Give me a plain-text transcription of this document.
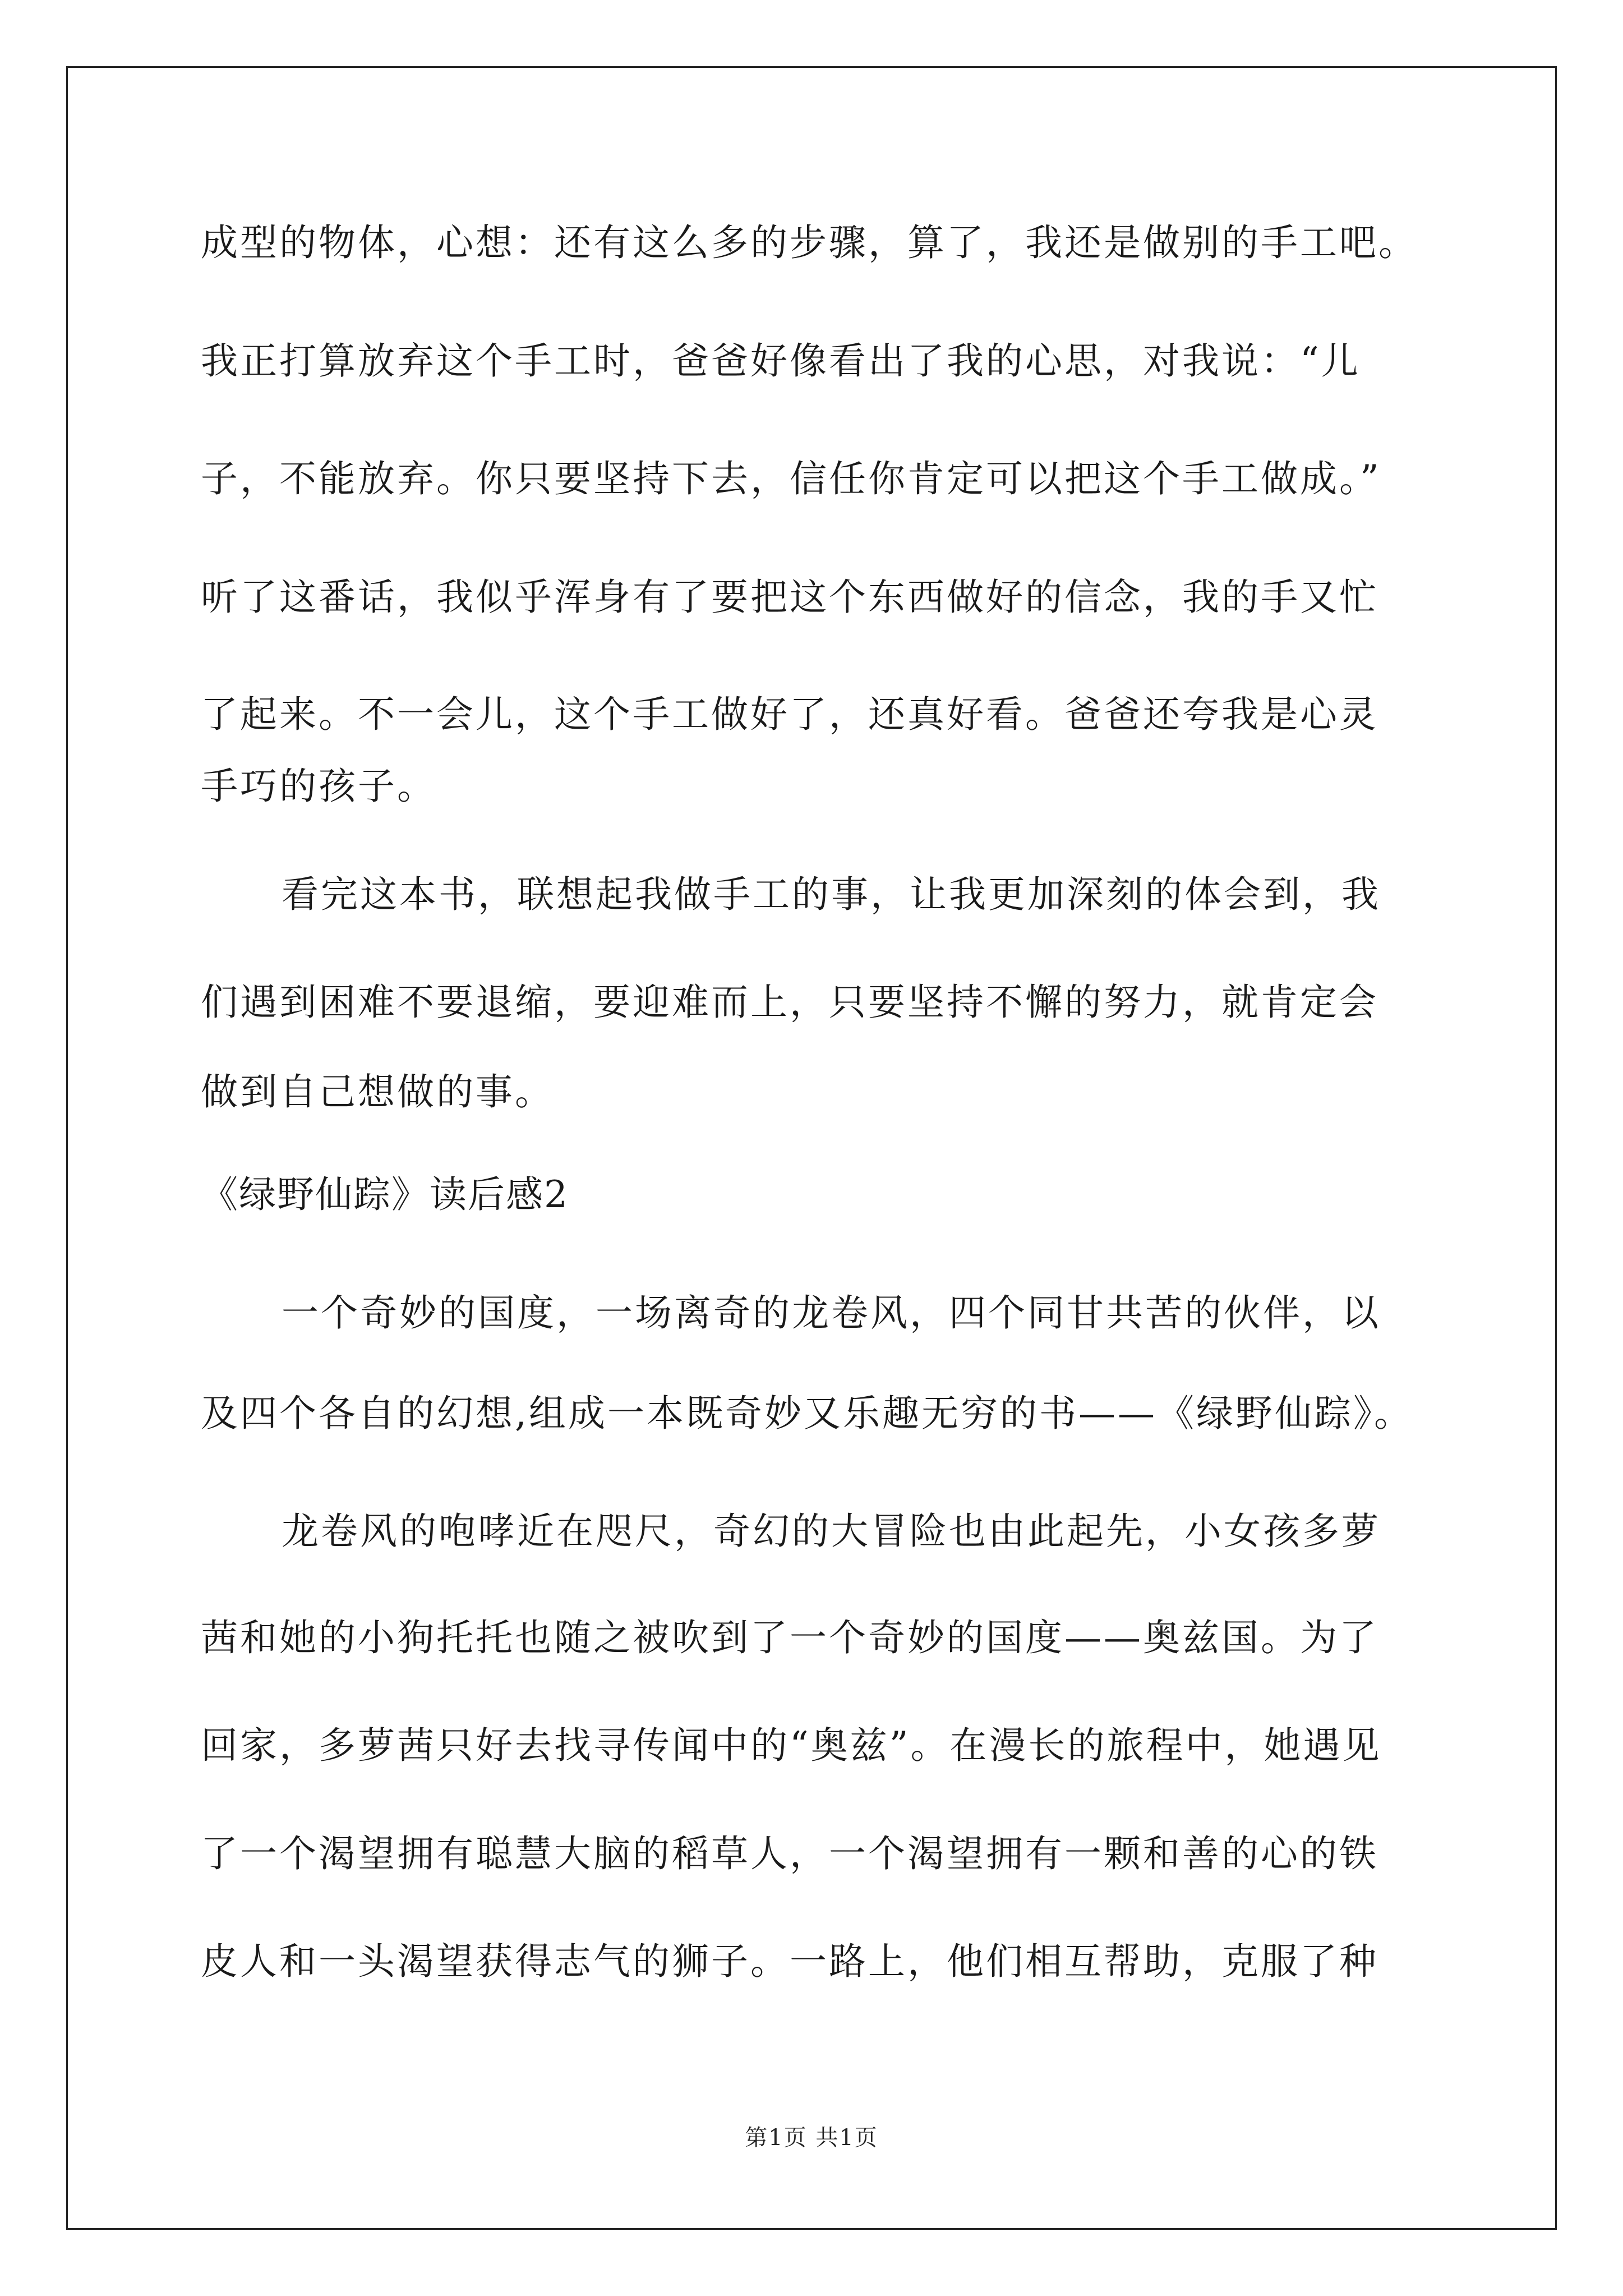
成型的物体，心想：还有这么多的步骤，算了，我还是做别的手工吧。
我正打算放弃这个手工时，爸爸好像看出了我的心思，对我说：“儿
子，不能放弃。你只要坚持下去，信任你肯定可以把这个手工做成。”
听了这番话，我似乎浑身有了要把这个东西做好的信念，我的手又忙
了起来。不一会儿，这个手工做好了，还真好看。爸爸还夸我是心灵
手巧的孩子。
看完这本书，联想起我做手工的事，让我更加深刻的体会到，我
们遇到困难不要退缩，要迎难而上，只要坚持不懈的努力，就肯定会
做到自己想做的事。
《绿野仙踪》读后感2
一个奇妙的国度，一场离奇的龙卷风，四个同甘共苦的伙伴，以
及四个各自的幻想,组成一本既奇妙又乐趣无穷的书——《绿野仙踪》。
龙卷风的咆哮近在咫尺，奇幻的大冒险也由此起先，小女孩多萝
茜和她的小狗托托也随之被吹到了一个奇妙的国度——奥兹国。为了
回家，多萝茜只好去找寻传闻中的“奥兹”。在漫长的旅程中，她遇见
了一个渴望拥有聪慧大脑的稻草人，一个渴望拥有一颗和善的心的铁
皮人和一头渴望获得志气的狮子。一路上，他们相互帮助，克服了种
第1页 共1页
